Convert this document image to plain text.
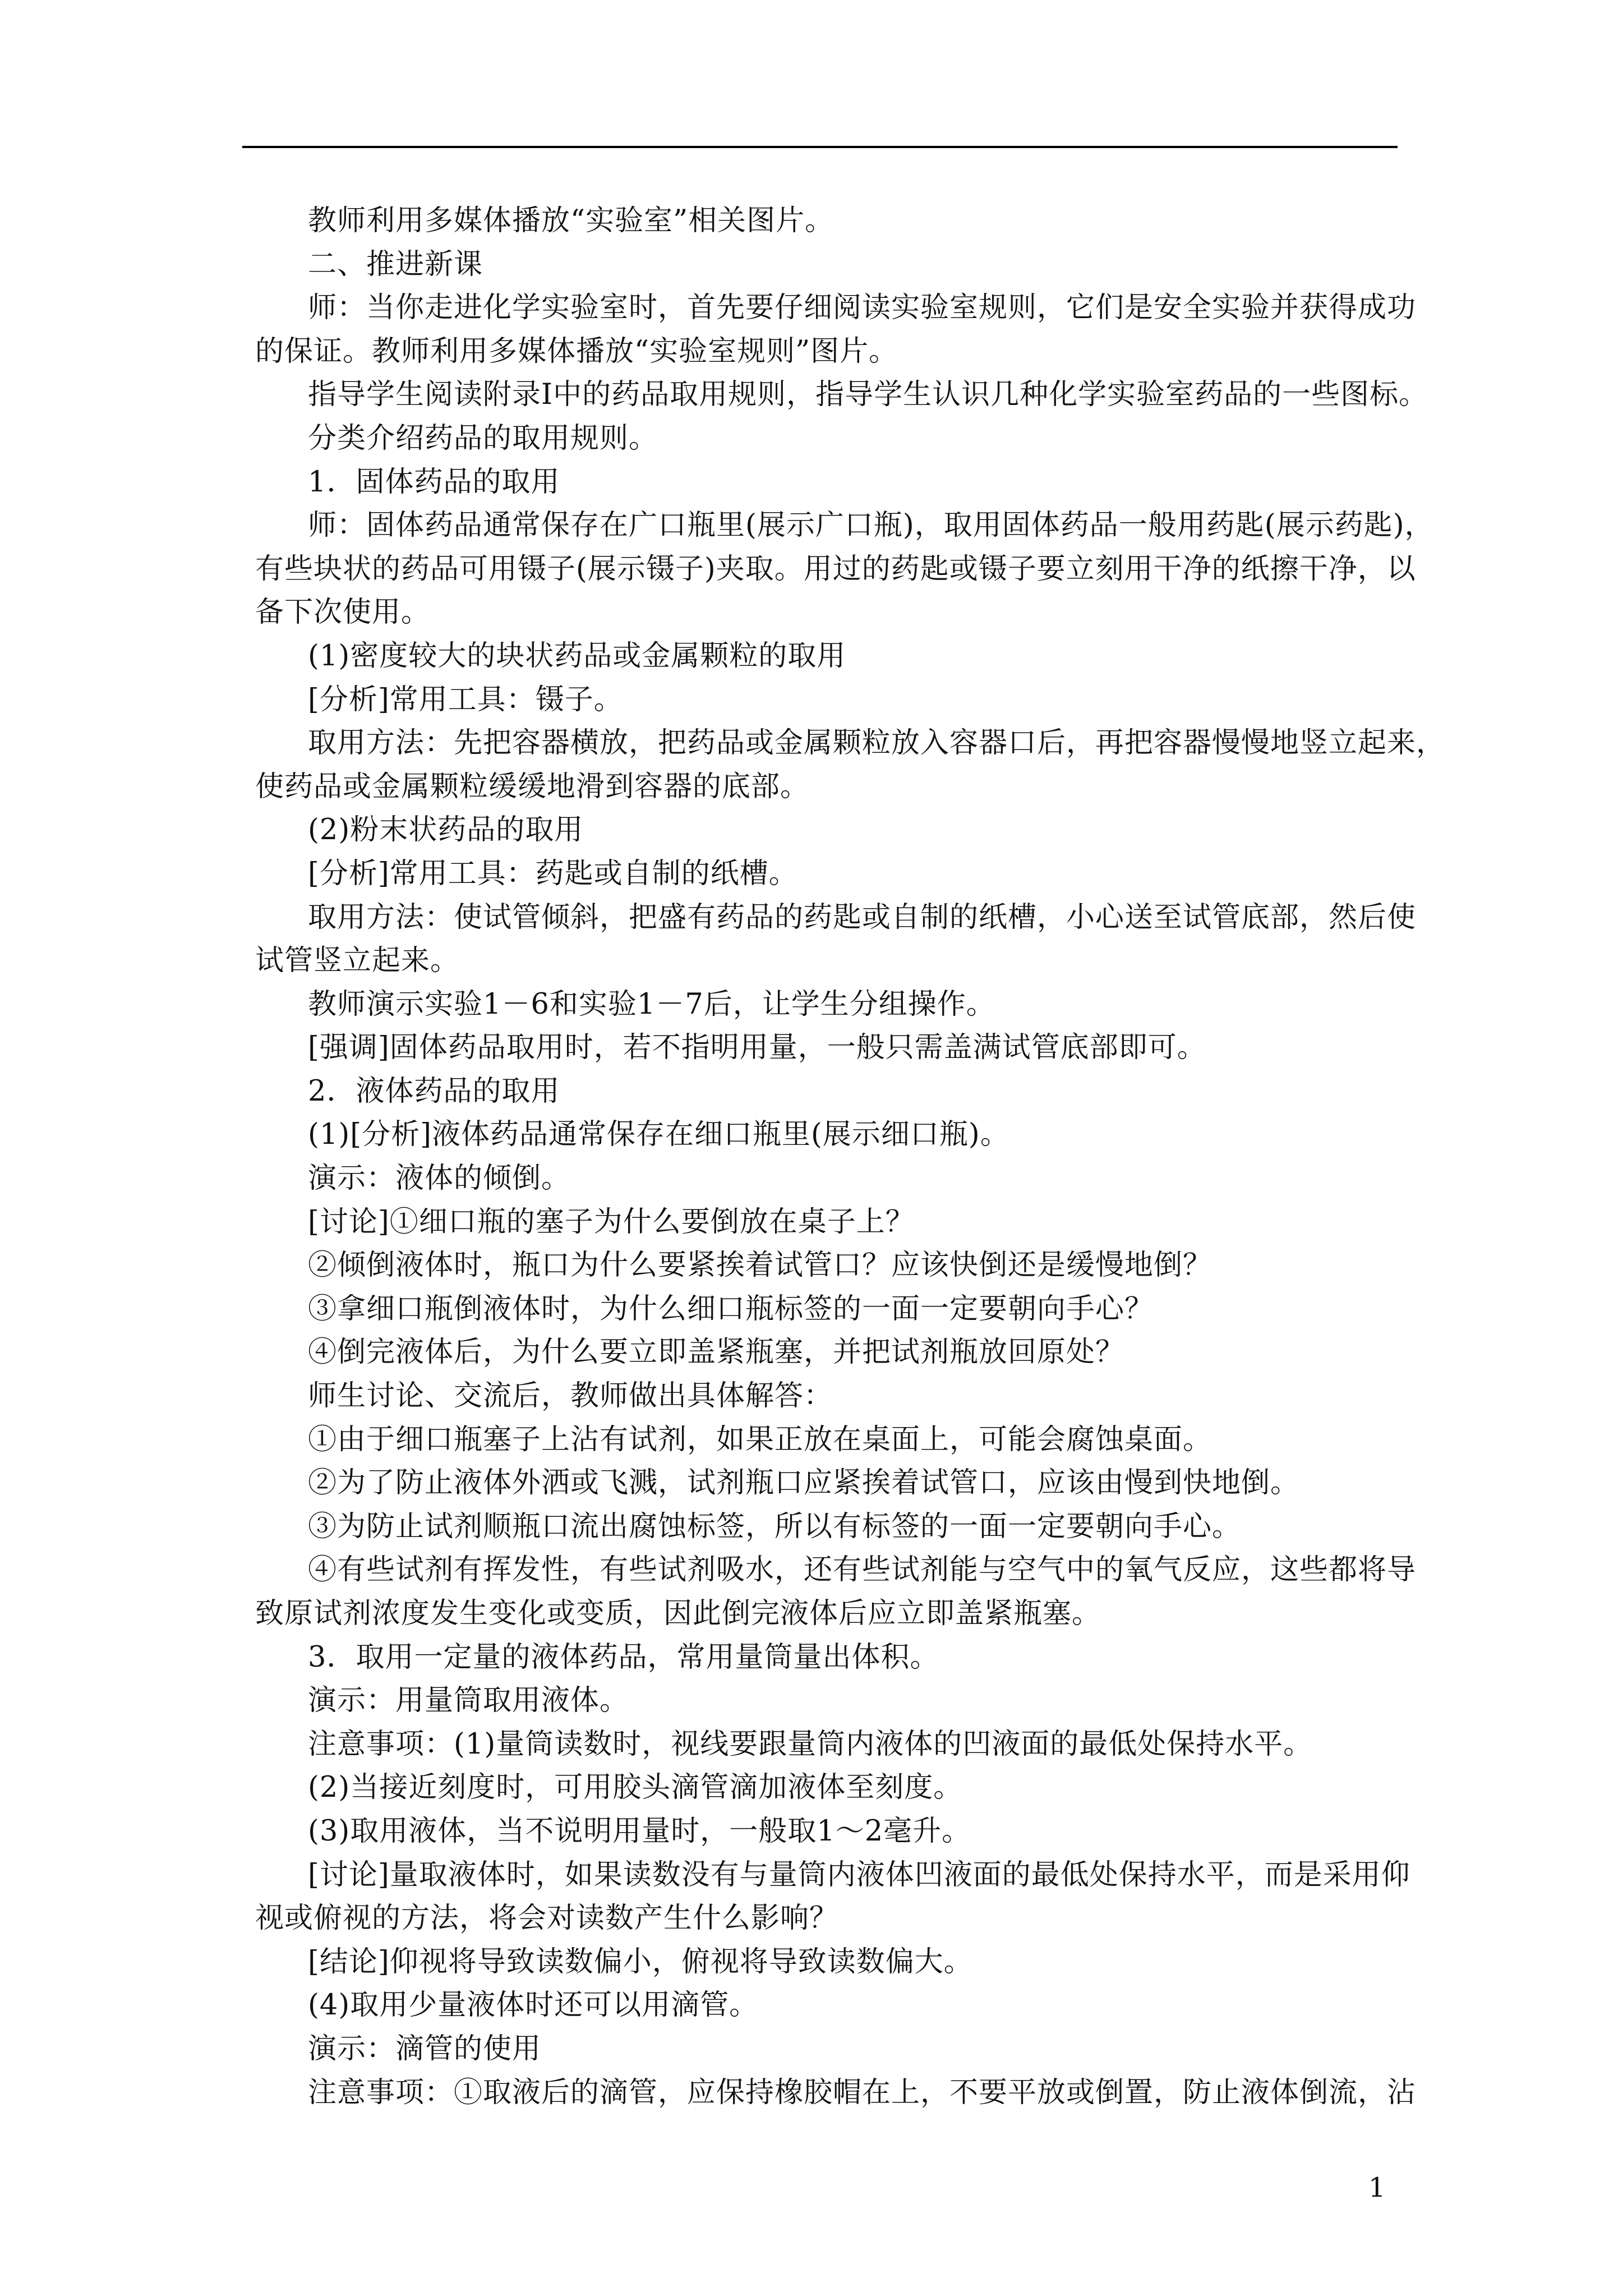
教师利用多媒体播放“实验室”相关图片。
二、推进新课
师：当你走进化学实验室时，首先要仔细阅读实验室规则，它们是安全实验并获得成功
的保证。教师利用多媒体播放“实验室规则”图片。
指导学生阅读附录Ⅰ中的药品取用规则，指导学生认识几种化学实验室药品的一些图标。
分类介绍药品的取用规则。
1．固体药品的取用
师：固体药品通常保存在广口瓶里(展示广口瓶)，取用固体药品一般用药匙(展示药匙)，
有些块状的药品可用镊子(展示镊子)夹取。用过的药匙或镊子要立刻用干净的纸擦干净，以
备下次使用。
(1)密度较大的块状药品或金属颗粒的取用
[分析]常用工具：镊子。
取用方法：先把容器横放，把药品或金属颗粒放入容器口后，再把容器慢慢地竖立起来，
使药品或金属颗粒缓缓地滑到容器的底部。
(2)粉末状药品的取用
[分析]常用工具：药匙或自制的纸槽。
取用方法：使试管倾斜，把盛有药品的药匙或自制的纸槽，小心送至试管底部，然后使
试管竖立起来。
教师演示实验1－6和实验1－7后，让学生分组操作。
[强调]固体药品取用时，若不指明用量，一般只需盖满试管底部即可。
2．液体药品的取用
(1)[分析]液体药品通常保存在细口瓶里(展示细口瓶)。
演示：液体的倾倒。
[讨论]①细口瓶的塞子为什么要倒放在桌子上？
②倾倒液体时，瓶口为什么要紧挨着试管口？应该快倒还是缓慢地倒？
③拿细口瓶倒液体时，为什么细口瓶标签的一面一定要朝向手心？
④倒完液体后，为什么要立即盖紧瓶塞，并把试剂瓶放回原处？
师生讨论、交流后，教师做出具体解答：
①由于细口瓶塞子上沾有试剂，如果正放在桌面上，可能会腐蚀桌面。
②为了防止液体外洒或飞溅，试剂瓶口应紧挨着试管口，应该由慢到快地倒。
③为防止试剂顺瓶口流出腐蚀标签，所以有标签的一面一定要朝向手心。
④有些试剂有挥发性，有些试剂吸水，还有些试剂能与空气中的氧气反应，这些都将导
致原试剂浓度发生变化或变质，因此倒完液体后应立即盖紧瓶塞。
3．取用一定量的液体药品，常用量筒量出体积。
演示：用量筒取用液体。
注意事项：(1)量筒读数时，视线要跟量筒内液体的凹液面的最低处保持水平。
(2)当接近刻度时，可用胶头滴管滴加液体至刻度。
(3)取用液体，当不说明用量时，一般取1～2毫升。
[讨论]量取液体时，如果读数没有与量筒内液体凹液面的最低处保持水平，而是采用仰
视或俯视的方法，将会对读数产生什么影响？
[结论]仰视将导致读数偏小，俯视将导致读数偏大。
(4)取用少量液体时还可以用滴管。
演示：滴管的使用
注意事项：①取液后的滴管，应保持橡胶帽在上，不要平放或倒置，防止液体倒流，沾
1
